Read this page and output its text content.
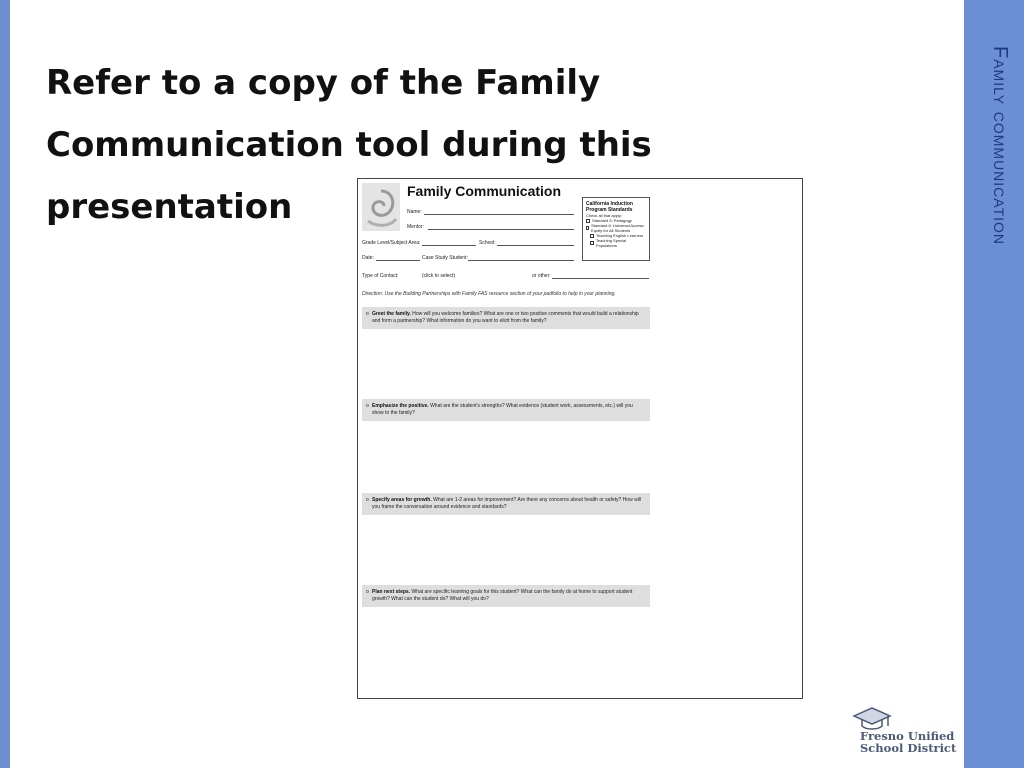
Family communication
Refer to a copy of the Family Communication tool during this presentation	Family Communication
Name:
Mentor:
Grade Level/Subject Area:	School:
Date:	Case Study Student:
Type of Contact:	(click to select)	or other:
California Induction Program Standards
Check all that apply:
Standard 5: Pedagogy
Standard 6: Universal Access: Equity for All Students
Teaching English Learners
Teaching Special Populations
Direction: Use the Building Partnerships with Family FAS resource section of your padfolio to help in your planning.
o Greet the family. How will you welcome families? What are one or two positive comments that would build a relationship and form a partnership? What information do you want to elicit from the family?
o Emphasize the positive. What are the student's strengths? What evidence (student work, assessments, etc.) will you show to the family?
o Specify areas for growth. What are 1-2 areas for improvement? Are there any concerns about health or safety? How will you frame the conversation around evidence and standards?
o Plan next steps. What are specific learning goals for this student? What can the family do at home to support student growth? What can the student do? What will you do?
Fresno Unified
School District
